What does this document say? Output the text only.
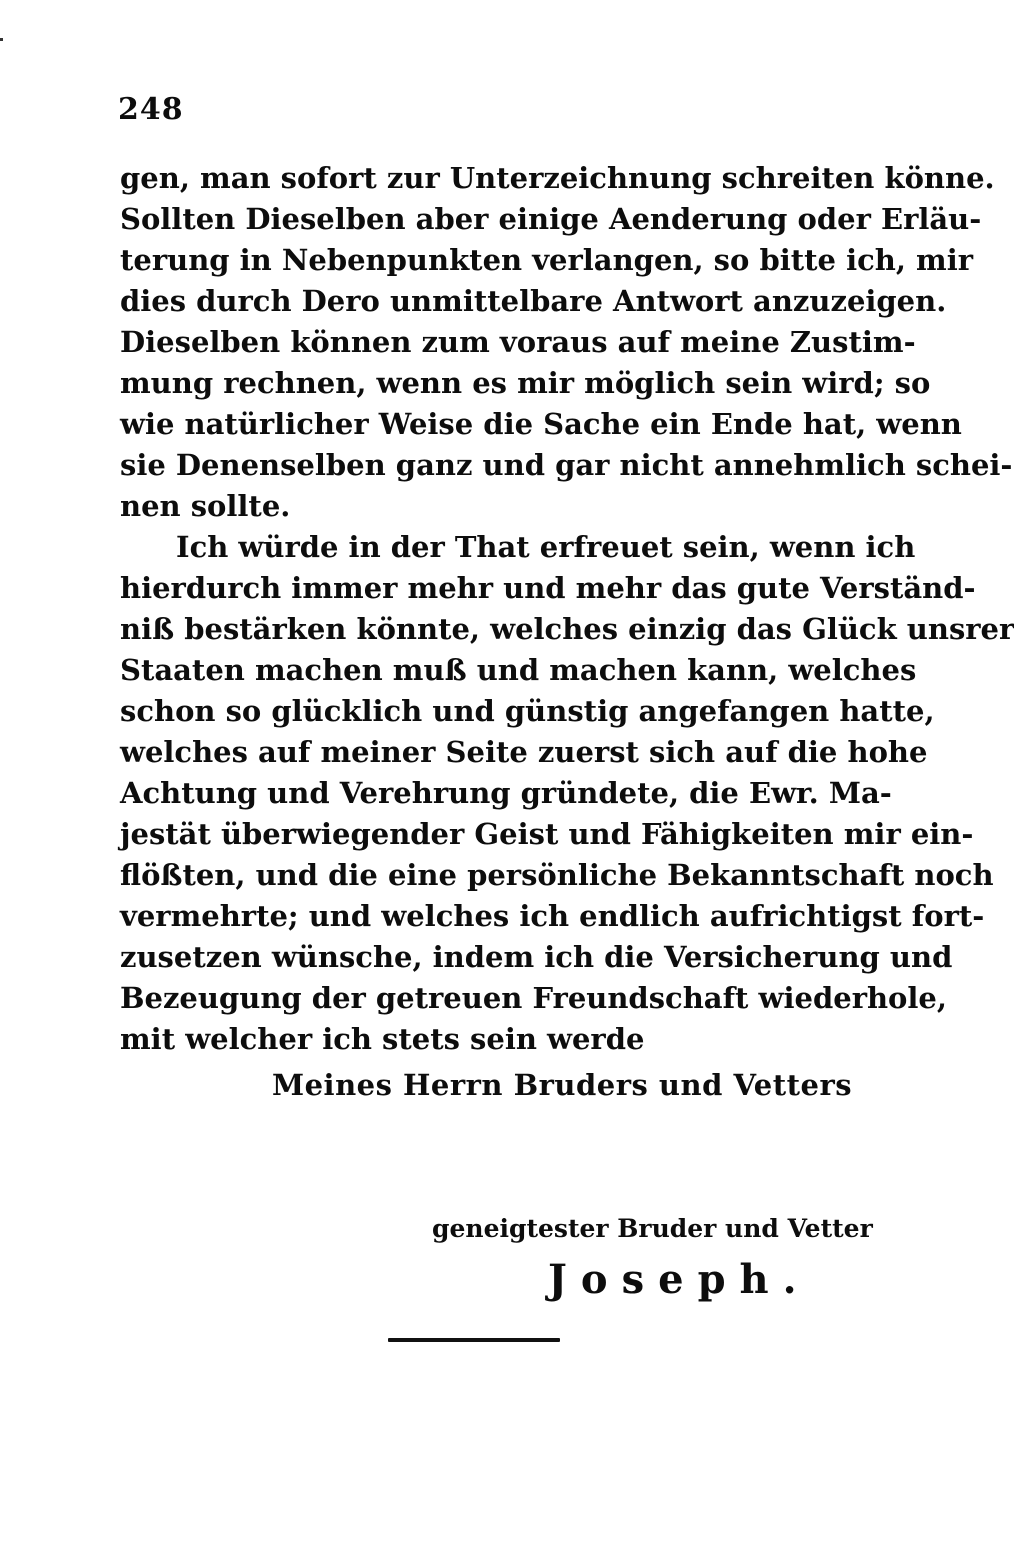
248
gen, man sofort zur Unterzeichnung schreiten könne.
Sollten Dieselben aber einige Aenderung oder Erläu-
terung in Nebenpunkten verlangen, so bitte ich, mir
dies durch Dero unmittelbare Antwort anzuzeigen.
Dieselben können zum voraus auf meine Zustim-
mung rechnen, wenn es mir möglich sein wird; so
wie natürlicher Weise die Sache ein Ende hat, wenn
sie Denenselben ganz und gar nicht annehmlich schei-
nen sollte.
Ich würde in der That erfreuet sein, wenn ich
hierdurch immer mehr und mehr das gute Verständ-
niß bestärken könnte, welches einzig das Glück unsrer
Staaten machen muß und machen kann, welches
schon so glücklich und günstig angefangen hatte,
welches auf meiner Seite zuerst sich auf die hohe
Achtung und Verehrung gründete, die Ewr. Ma-
jestät überwiegender Geist und Fähigkeiten mir ein-
flößten, und die eine persönliche Bekanntschaft noch
vermehrte; und welches ich endlich aufrichtigst fort-
zusetzen wünsche, indem ich die Versicherung und
Bezeugung der getreuen Freundschaft wiederhole,
mit welcher ich stets sein werde
Meines Herrn Bruders und Vetters
geneigtester Bruder und Vetter
Joseph.
